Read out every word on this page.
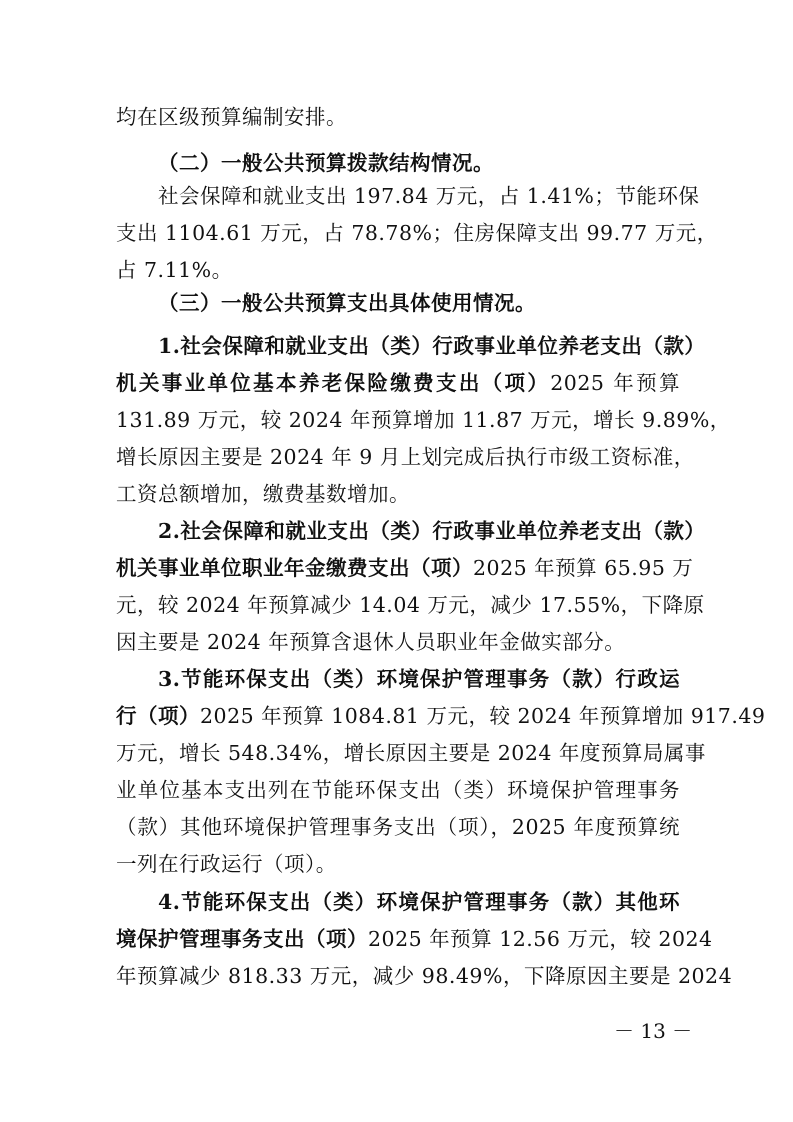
均在区级预算编制安排。

（二）一般公共预算拨款结构情况。

社会保障和就业支出 197.84 万元，占 1.41%；节能环保

支出 1104.61 万元，占 78.78%；住房保障支出 99.77 万元，

占 7.11%。

（三）一般公共预算支出具体使用情况。

1.社会保障和就业支出（类）行政事业单位养老支出（款）

机关事业单位基本养老保险缴费支出（项）2025 年预算

131.89 万元，较 2024 年预算增加 11.87 万元，增长 9.89%，

增长原因主要是 2024 年 9 月上划完成后执行市级工资标准，

工资总额增加，缴费基数增加。

2.社会保障和就业支出（类）行政事业单位养老支出（款）

机关事业单位职业年金缴费支出（项）2025 年预算 65.95 万

元，较 2024 年预算减少 14.04 万元，减少 17.55%，下降原

因主要是 2024 年预算含退休人员职业年金做实部分。

3.节能环保支出（类）环境保护管理事务（款）行政运

行（项）2025 年预算 1084.81 万元，较 2024 年预算增加 917.49

万元，增长 548.34%，增长原因主要是 2024 年度预算局属事

业单位基本支出列在节能环保支出（类）环境保护管理事务

（款）其他环境保护管理事务支出（项），2025 年度预算统

一列在行政运行（项）。

4.节能环保支出（类）环境保护管理事务（款）其他环

境保护管理事务支出（项）2025 年预算 12.56 万元，较 2024

年预算减少 818.33 万元，减少 98.49%，下降原因主要是 2024

－ 13 －
